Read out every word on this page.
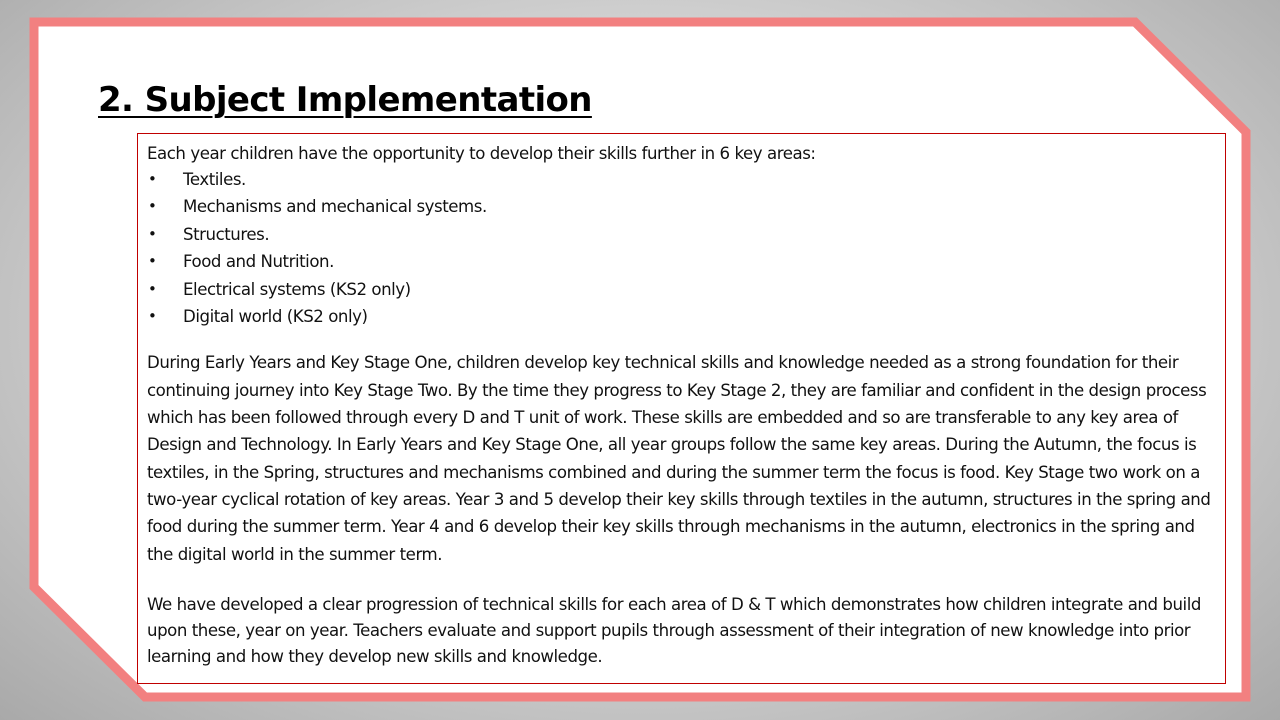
2. Subject Implementation

Each year children have the opportunity to develop their skills further in 6 key areas:

• Textiles.
• Mechanisms and mechanical systems.
• Structures.
• Food and Nutrition.
• Electrical systems (KS2 only)
• Digital world (KS2 only)

During Early Years and Key Stage One, children develop key technical skills and knowledge needed as a strong foundation for their continuing journey into Key Stage Two. By the time they progress to Key Stage 2, they are familiar and confident in the design process which has been followed through every D and T unit of work. These skills are embedded and so are transferable to any key area of Design and Technology. In Early Years and Key Stage One, all year groups follow the same key areas. During the Autumn, the focus is textiles, in the Spring, structures and mechanisms combined and during the summer term the focus is food. Key Stage two work on a two-year cyclical rotation of key areas. Year 3 and 5 develop their key skills through textiles in the autumn, structures in the spring and food during the summer term. Year 4 and 6 develop their key skills through mechanisms in the autumn, electronics in the spring and the digital world in the summer term.

We have developed a clear progression of technical skills for each area of D & T which demonstrates how children integrate and build upon these, year on year. Teachers evaluate and support pupils through assessment of their integration of new knowledge into prior learning and how they develop new skills and knowledge.
